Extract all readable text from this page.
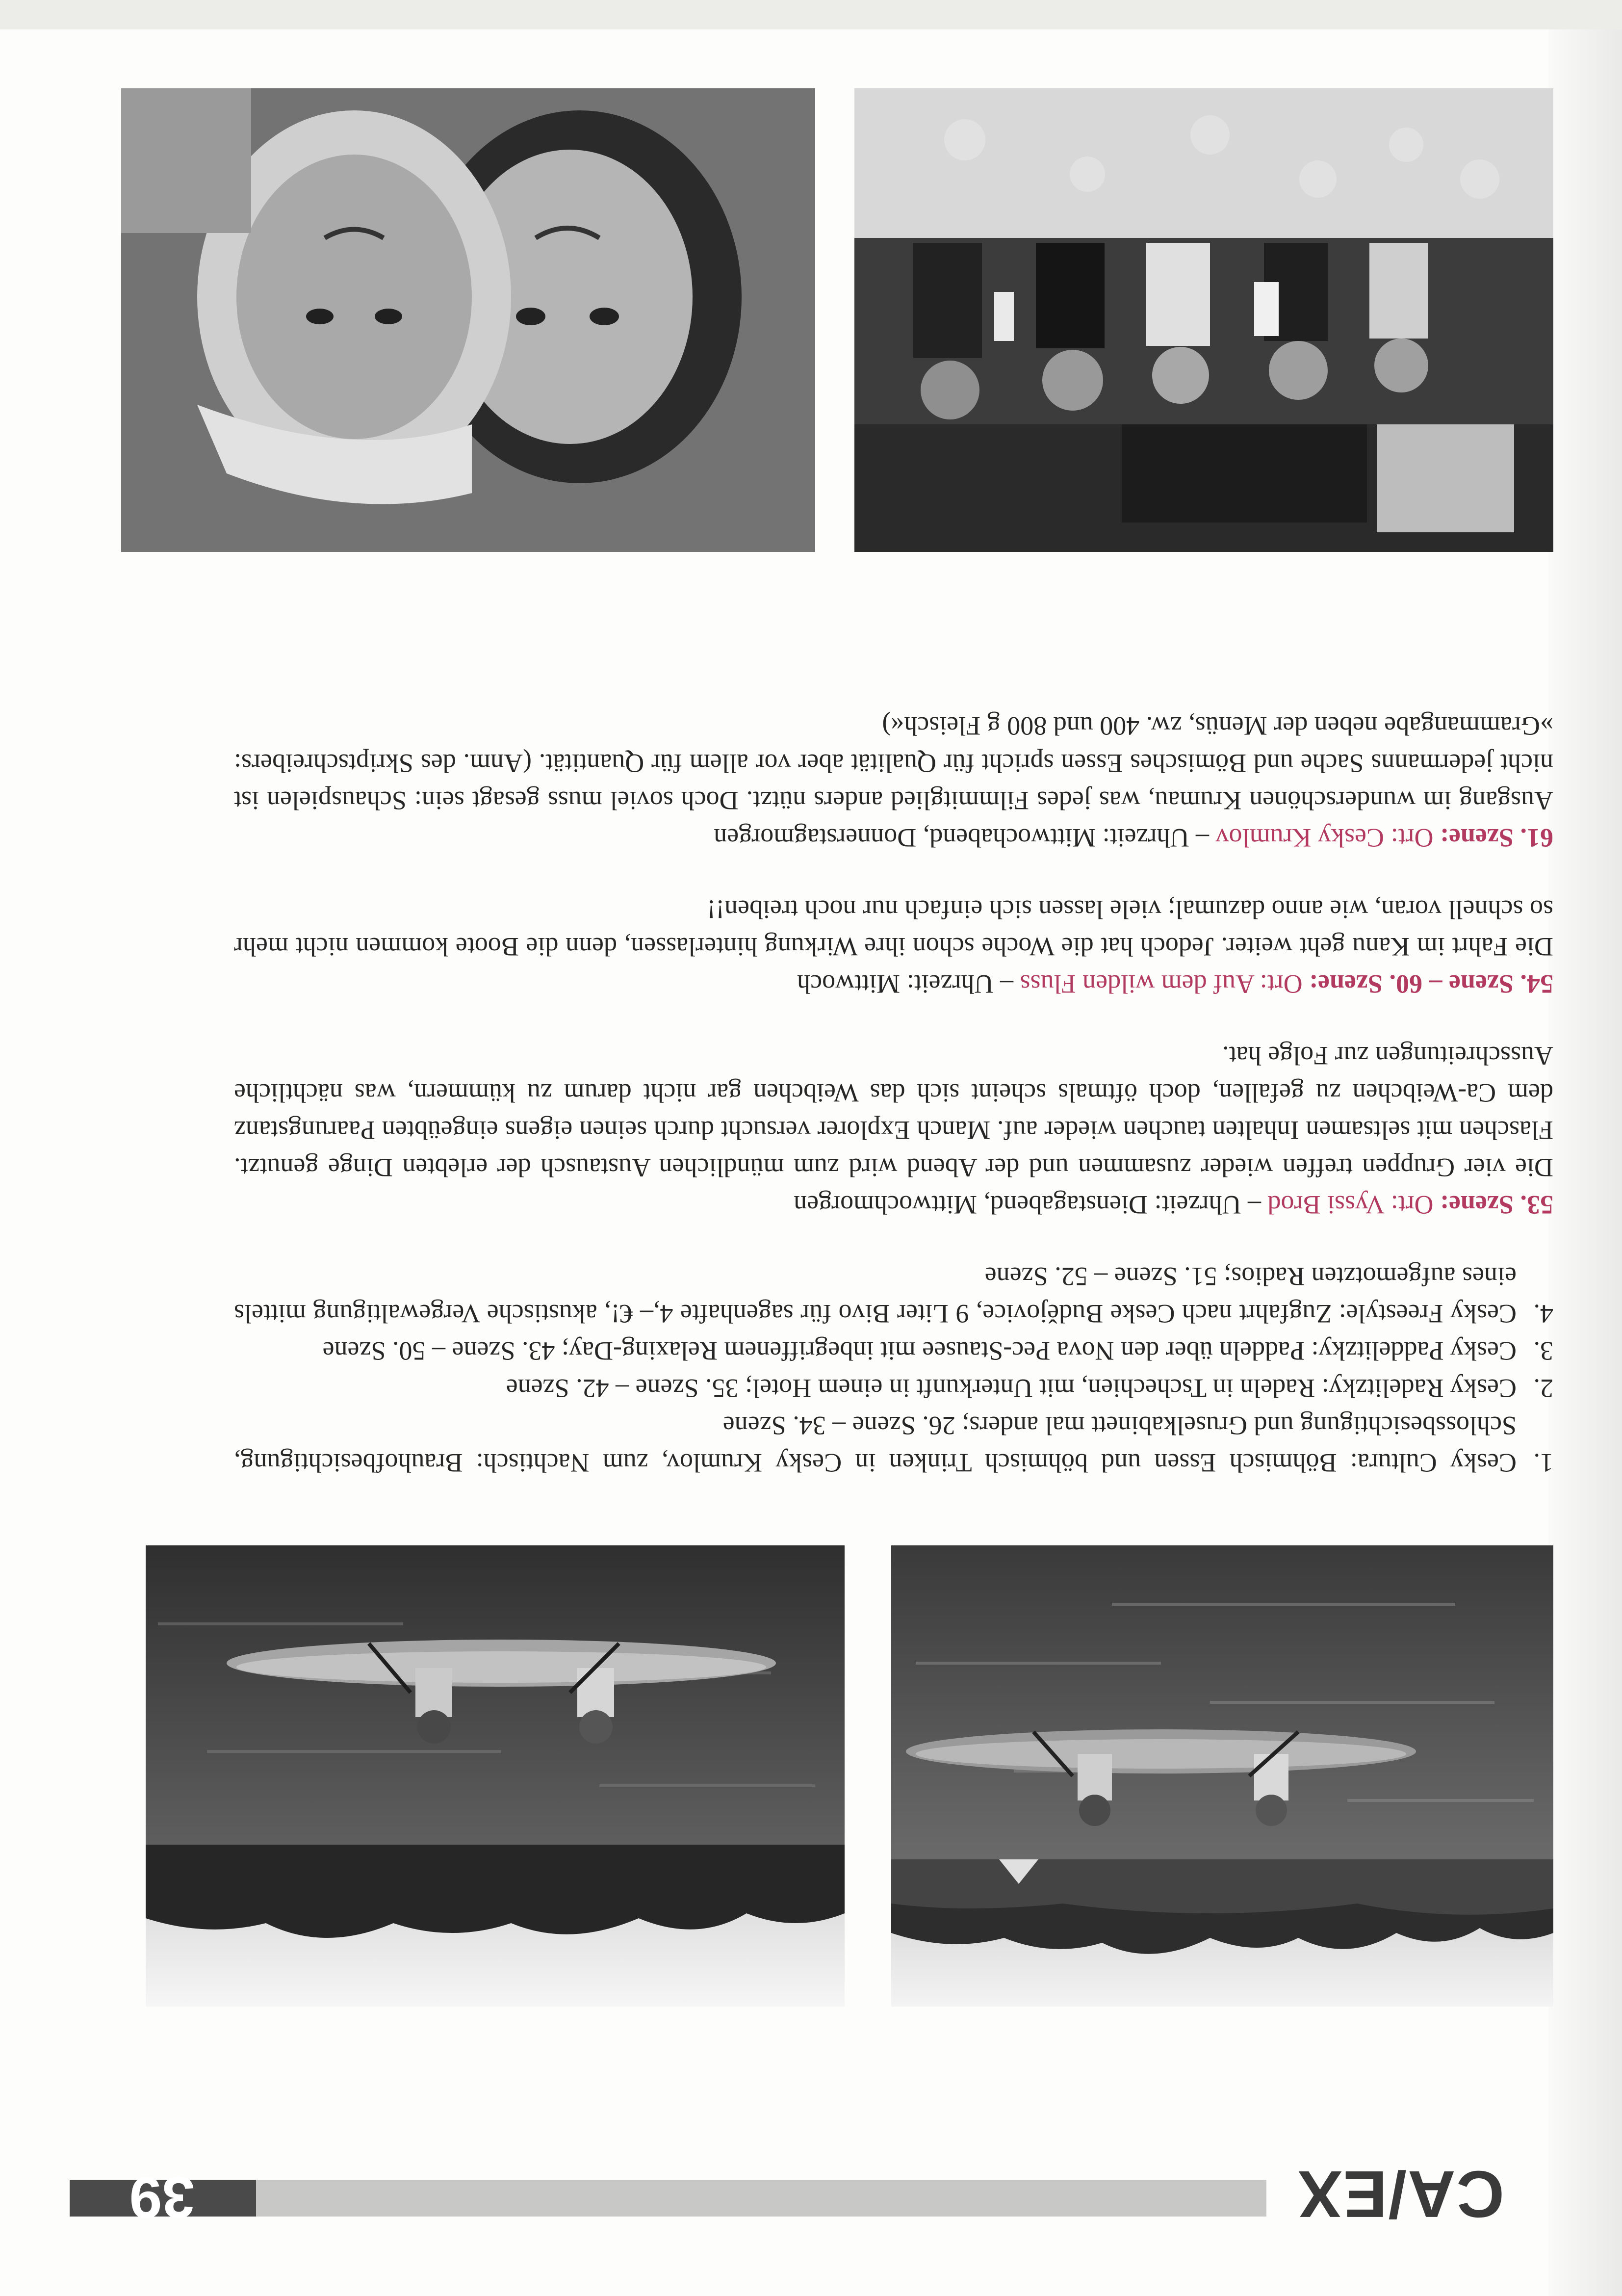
CA/EX
39

1.
Cesky Cultura: Böhmisch Essen und böhmisch Trinken in Cesky Krumlov, zum Nachtisch: Brauhofbesichtigung, Schlossbesichtigung und Gruselkabinett mal anders; 26. Szene – 34. Szene

2.
Cesky Radelitzky: Radeln in Tschechien, mit Unterkunft in einem Hotel; 35. Szene – 42. Szene

3.
Cesky Paddelitzky: Paddeln über den Nova Pec-Stausee mit inbegriffenem Relaxing-Day; 43. Szene – 50. Szene

4.
Cesky Freestyle: Zugfahrt nach Ceske Budějovice, 9 Liter Bivo für sagenhafte 4,– €!, akustische Vergewaltigung mittels eines aufgemotzten Radios; 51. Szene – 52. Szene

53. Szene: Ort: Vyssi Brod – Uhrzeit: Dienstagabend, Mittwochmorgen

Die vier Gruppen treffen wieder zusammen und der Abend wird zum mündlichen Austausch der erlebten Dinge genutzt. Flaschen mit seltsamen Inhalten tauchen wieder auf. Manch Explorer versucht durch seinen eigens eingeübten Paarungstanz dem Ca-Weibchen zu gefallen, doch öftmals scheint sich das Weibchen gar nicht darum zu kümmern, was nächtliche Ausschreitungen zur Folge hat.

54. Szene – 60. Szene: Ort: Auf dem wilden Fluss – Uhrzeit: Mittwoch

Die Fahrt im Kanu geht weiter. Jedoch hat die Woche schon ihre Wirkung hinterlassen, denn die Boote kommen nicht mehr so schnell voran, wie anno dazumal; viele lassen sich einfach nur noch treiben!!

61. Szene: Ort: Cesky Krumlov – Uhrzeit: Mittwochabend, Donnerstagmorgen

Ausgang im wunderschönen Krumau, was jedes Filmmitglied anders nützt. Doch soviel muss gesagt sein: Schauspielen ist nicht jedermanns Sache und Bömisches Essen spricht für Qualität aber vor allem für Quantität. (Anm. des Skriptschreibers: »Grammangabe neben der Menüs, zw. 400 und 800 g Fleisch«)
